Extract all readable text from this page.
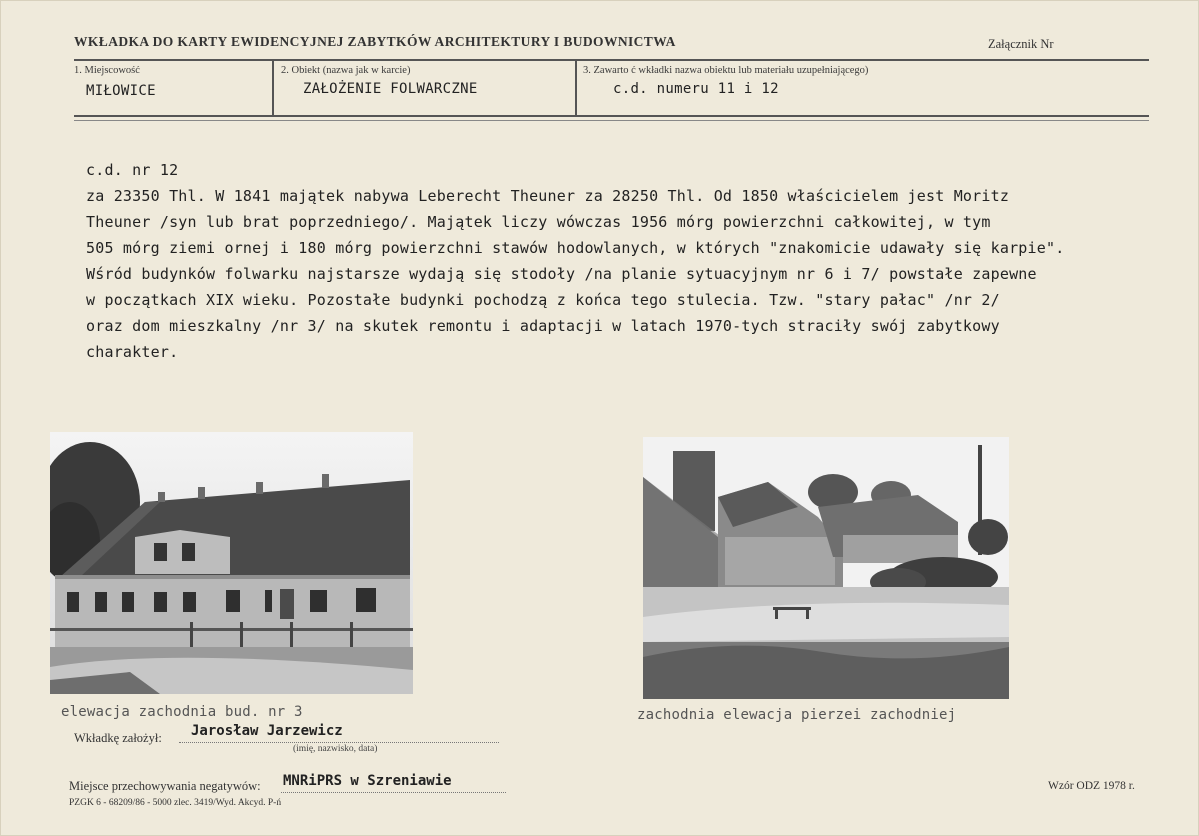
WKŁADKA DO KARTY EWIDENCYJNEJ ZABYTKÓW ARCHITEKTURY I BUDOWNICTWA	Załącznik Nr
1. Miejscowość
MIŁOWICE
2. Obiekt (nazwa jak w karcie)
ZAŁOŻENIE FOLWARCZNE
3. Zawarto ć wkładki nazwa obiektu lub materiału uzupełniającego)
c.d. numeru 11 i 12
c.d. nr 12
za 23350 Thl. W 1841 majątek nabywa Leberecht Theuner za 28250 Thl. Od 1850 właścicielem jest Moritz
Theuner /syn lub brat poprzedniego/. Majątek liczy wówczas 1956 mórg powierzchni całkowitej, w tym
505 mórg ziemi ornej i 180 mórg powierzchni stawów hodowlanych, w których "znakomicie udawały się karpie".
Wśród budynków folwarku najstarsze wydają się stodoły /na planie sytuacyjnym nr 6 i 7/ powstałe zapewne
w początkach XIX wieku. Pozostałe budynki pochodzą z końca tego stulecia. Tzw. "stary pałac" /nr 2/
oraz dom mieszkalny /nr 3/ na skutek remontu i adaptacji w latach 1970-tych straciły swój zabytkowy
charakter.
elewacja zachodnia bud. nr 3	zachodnia elewacja pierzei zachodniej
Wkładkę założył: Jarosław Jarzewicz
(imię, nazwisko, data)
Miejsce przechowywania negatywów: MNRiPRS w Szreniawie
PZGK 6 - 68209/86 - 5000 zlec. 3419/Wyd. Akcyd. P-ń
Wzór ODZ 1978 r.
